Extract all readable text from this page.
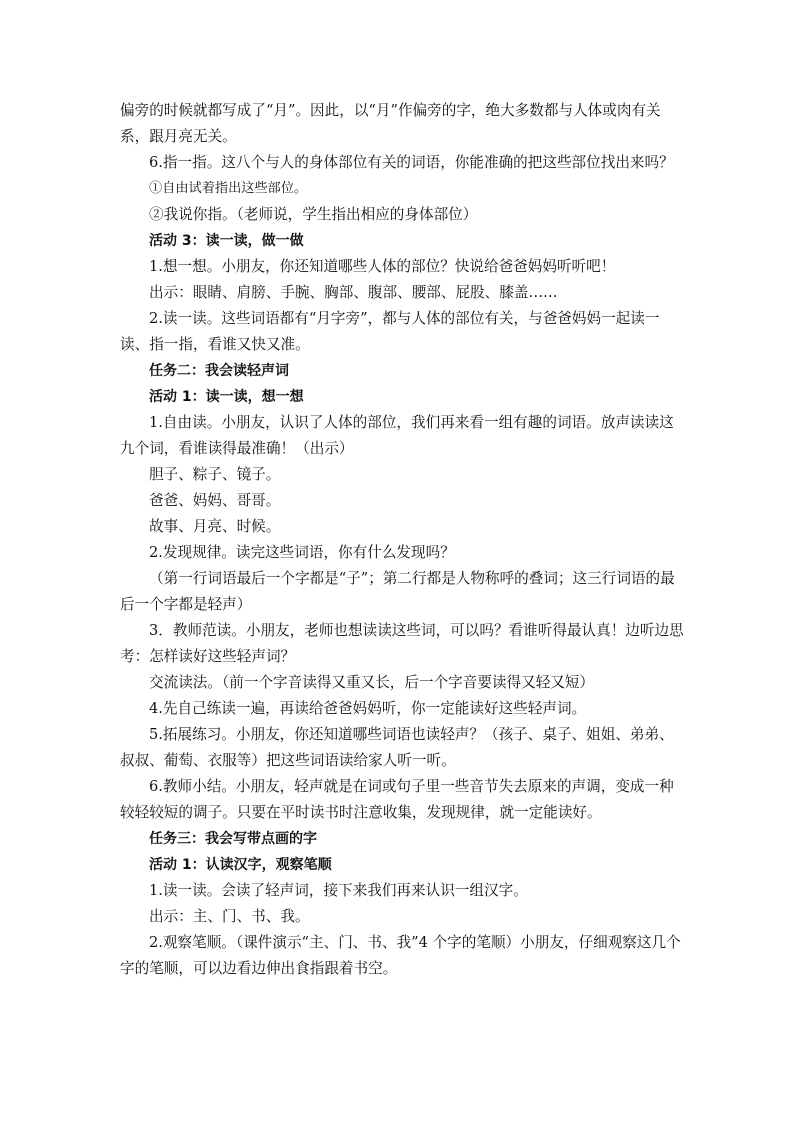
偏旁的时候就都写成了“月”。因此，以“月”作偏旁的字，绝大多数都与人体或肉有关系，跟月亮无关。

6.指一指。这八个与人的身体部位有关的词语，你能准确的把这些部位找出来吗？

①自由试着指出这些部位。

②我说你指。（老师说，学生指出相应的身体部位）

活动 3：读一读，做一做

1.想一想。小朋友，你还知道哪些人体的部位？快说给爸爸妈妈听听吧！

出示：眼睛、肩膀、手腕、胸部、腹部、腰部、屁股、膝盖……

2.读一读。这些词语都有“月字旁”，都与人体的部位有关，与爸爸妈妈一起读一读、指一指，看谁又快又准。

任务二：我会读轻声词

活动 1：读一读，想一想

1.自由读。小朋友，认识了人体的部位，我们再来看一组有趣的词语。放声读读这九个词，看谁读得最准确！（出示）

胆子、粽子、镜子。

爸爸、妈妈、哥哥。

故事、月亮、时候。

2.发现规律。读完这些词语，你有什么发现吗？

（第一行词语最后一个字都是“子”；第二行都是人物称呼的叠词；这三行词语的最后一个字都是轻声）

3．教师范读。小朋友，老师也想读读这些词，可以吗？看谁听得最认真！边听边思考：怎样读好这些轻声词？

交流读法。（前一个字音读得又重又长，后一个字音要读得又轻又短）

4.先自己练读一遍，再读给爸爸妈妈听，你一定能读好这些轻声词。

5.拓展练习。小朋友，你还知道哪些词语也读轻声？（孩子、桌子、姐姐、弟弟、叔叔、葡萄、衣服等）把这些词语读给家人听一听。

6.教师小结。小朋友，轻声就是在词或句子里一些音节失去原来的声调，变成一种较轻较短的调子。只要在平时读书时注意收集，发现规律，就一定能读好。

任务三：我会写带点画的字

活动 1：认读汉字，观察笔顺

1.读一读。会读了轻声词，接下来我们再来认识一组汉字。

出示：主、门、书、我。

2.观察笔顺。（课件演示“主、门、书、我”4 个字的笔顺）小朋友，仔细观察这几个字的笔顺，可以边看边伸出食指跟着书空。
